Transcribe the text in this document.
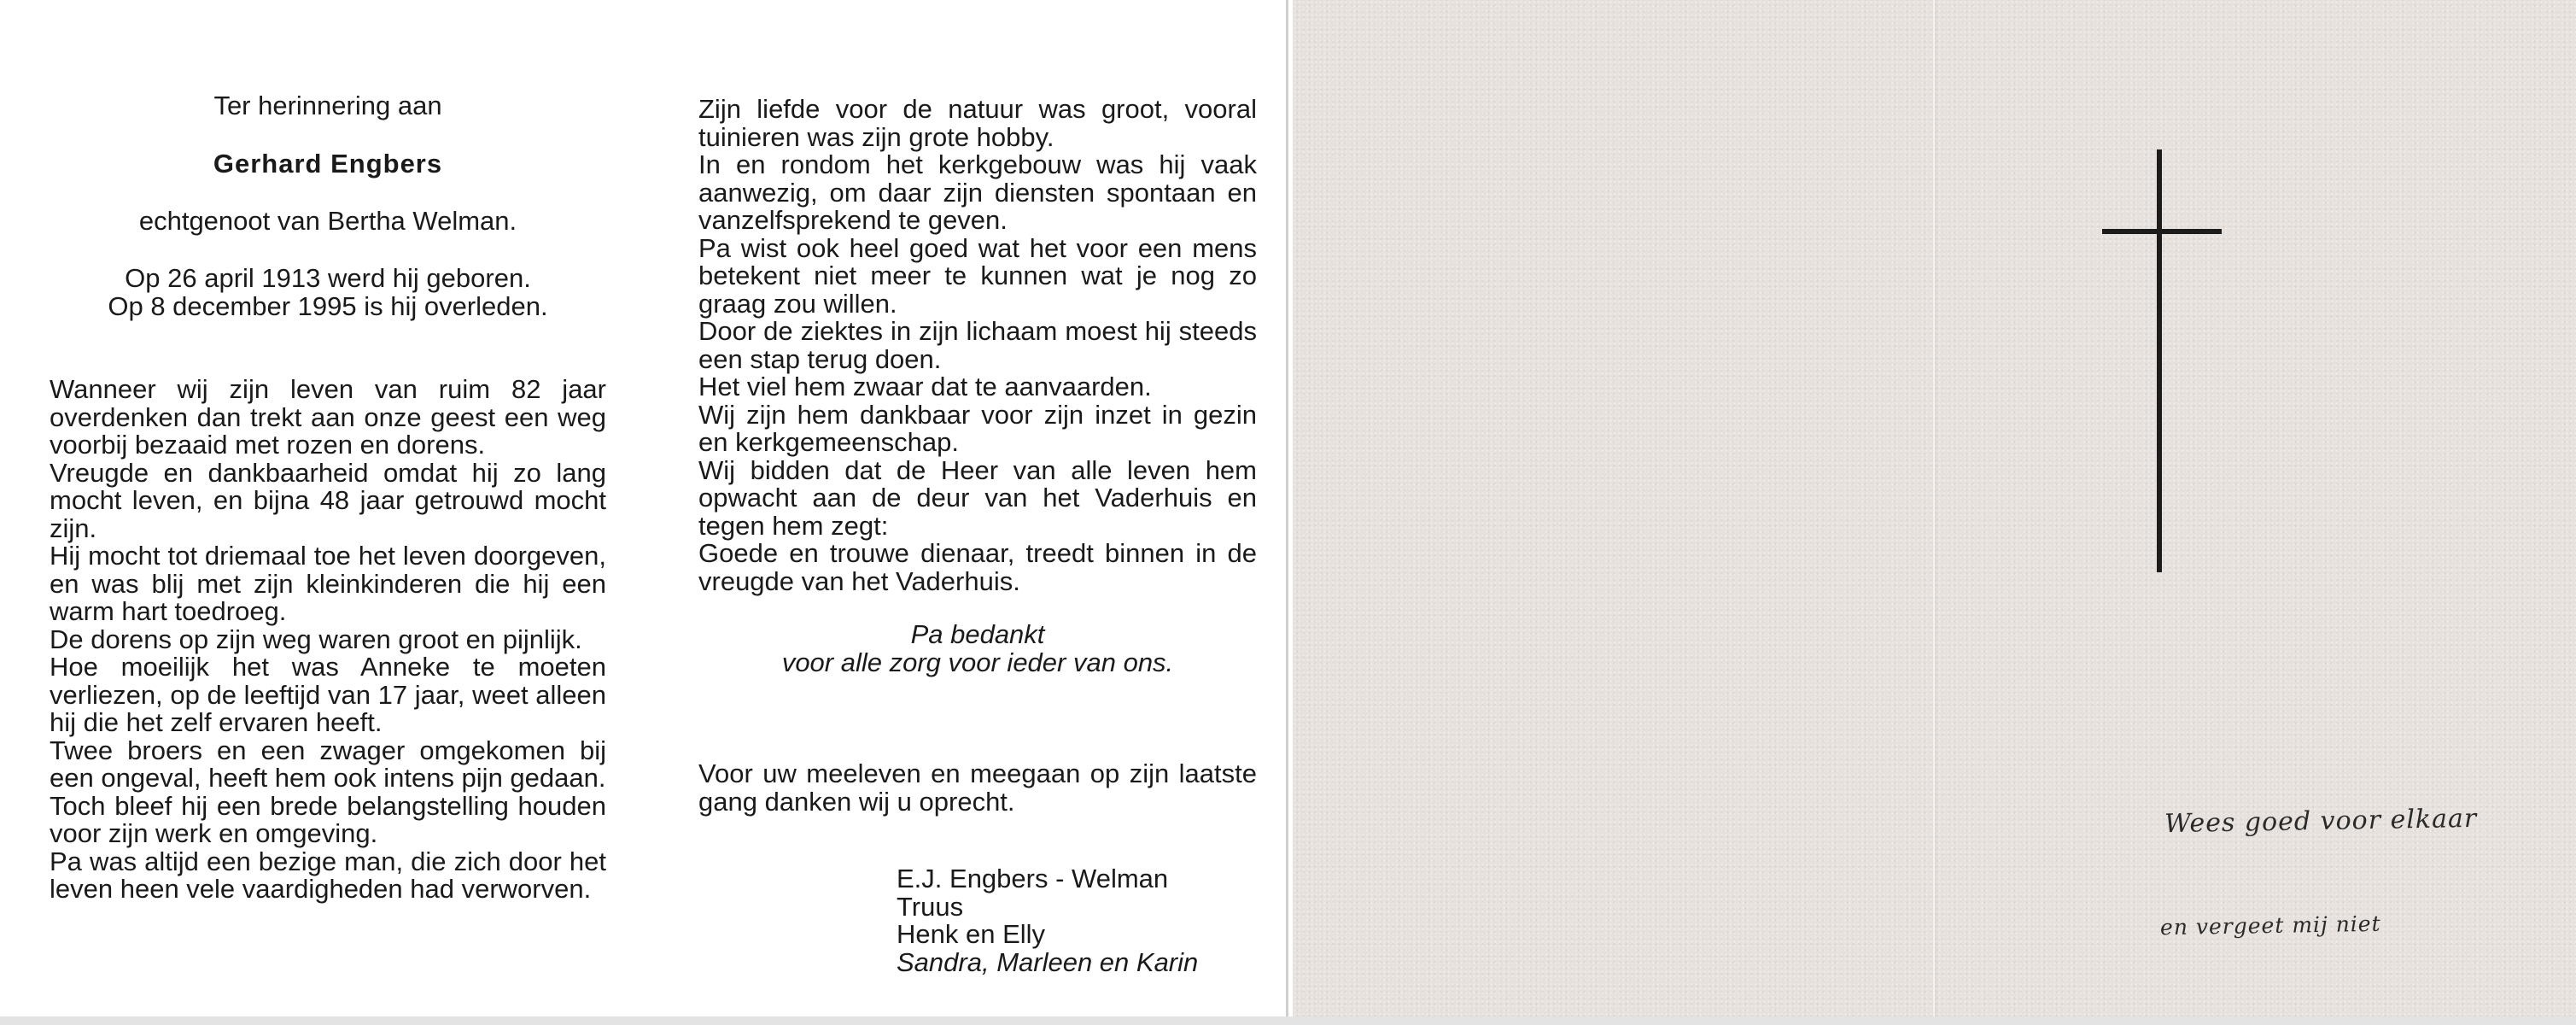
Ter herinnering aan
Gerhard Engbers
echtgenoot van Bertha Welman.
Op 26 april 1913 werd hij geboren.
Op 8 december 1995 is hij overleden.

Wanneer wij zijn leven van ruim 82 jaar overdenken dan trekt aan onze geest een weg voorbij bezaaid met rozen en dorens.

Vreugde en dankbaarheid omdat hij zo lang mocht leven, en bijna 48 jaar getrouwd mocht zijn.

Hij mocht tot driemaal toe het leven doorgeven, en was blij met zijn kleinkinderen die hij een warm hart toedroeg.

De dorens op zijn weg waren groot en pijnlijk.

Hoe moeilijk het was Anneke te moeten verliezen, op de leeftijd van 17 jaar, weet alleen hij die het zelf ervaren heeft.

Twee broers en een zwager omgekomen bij een ongeval, heeft hem ook intens pijn gedaan.

Toch bleef hij een brede belangstelling houden voor zijn werk en omgeving.

Pa was altijd een bezige man, die zich door het leven heen vele vaardigheden had verworven.

Zijn liefde voor de natuur was groot, vooral tuinieren was zijn grote hobby.

In en rondom het kerkgebouw was hij vaak aanwezig, om daar zijn diensten spontaan en vanzelfsprekend te geven.

Pa wist ook heel goed wat het voor een mens betekent niet meer te kunnen wat je nog zo graag zou willen.

Door de ziektes in zijn lichaam moest hij steeds een stap terug doen.

Het viel hem zwaar dat te aanvaarden.

Wij zijn hem dankbaar voor zijn inzet in gezin en kerkgemeenschap.

Wij bidden dat de Heer van alle leven hem opwacht aan de deur van het Vaderhuis en tegen hem zegt:

Goede en trouwe dienaar, treedt binnen in de vreugde van het Vaderhuis.

Pa bedankt
voor alle zorg voor ieder van ons.

Voor uw meeleven en meegaan op zijn laatste gang danken wij u oprecht.

E.J. Engbers - Welman
Truus
Henk en Elly
Sandra, Marleen en Karin
Wees goed voor elkaar
en vergeet mij niet
